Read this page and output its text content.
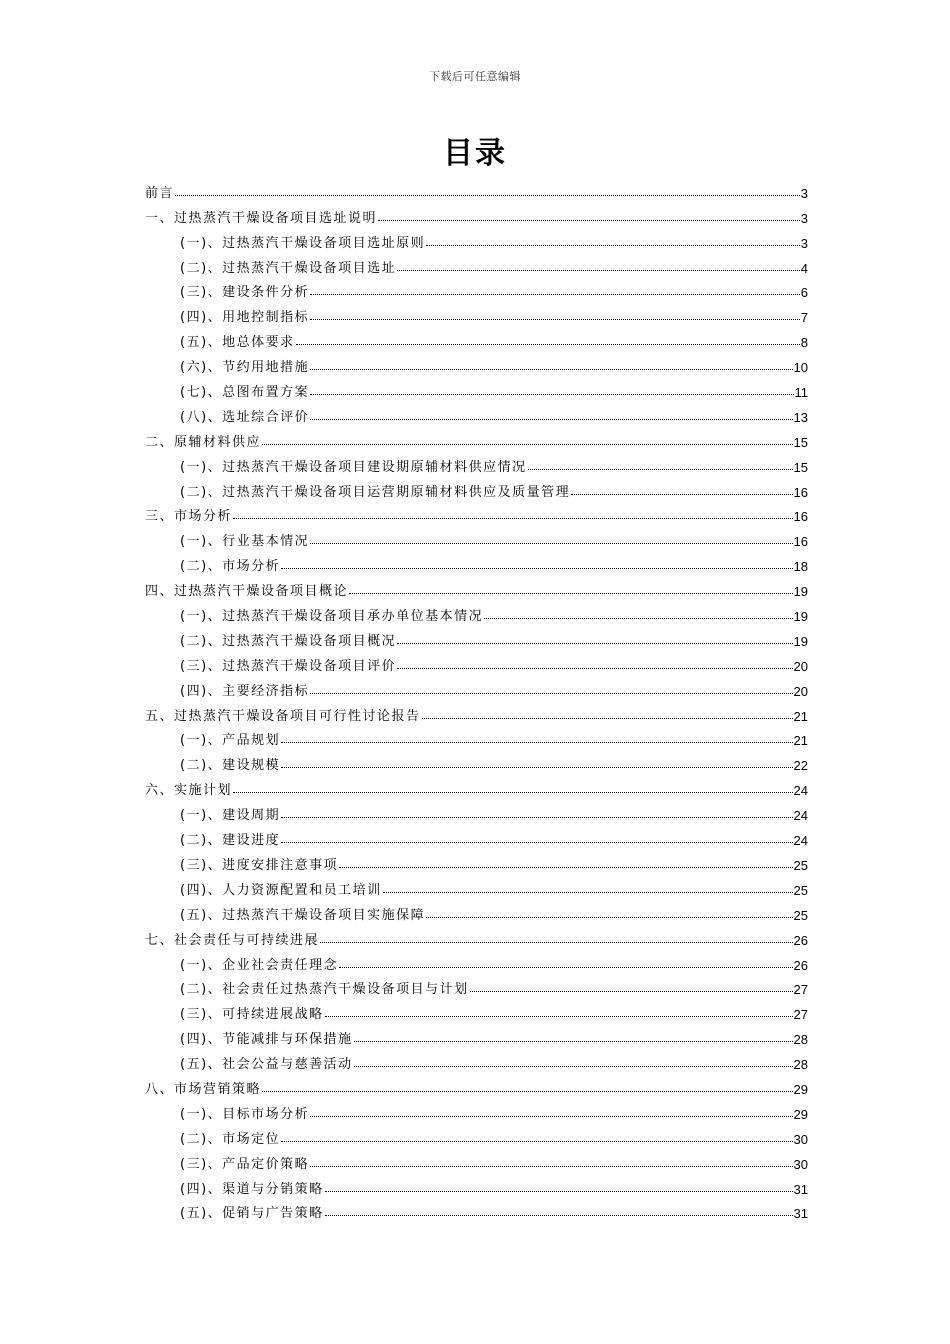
下载后可任意编辑
目录
前言	3
一、过热蒸汽干燥设备项目选址说明	3
(一)、过热蒸汽干燥设备项目选址原则	3
(二)、过热蒸汽干燥设备项目选址	4
(三)、建设条件分析	6
(四)、用地控制指标	7
(五)、地总体要求	8
(六)、节约用地措施	10
(七)、总图布置方案	11
(八)、选址综合评价	13
二、原辅材料供应	15
(一)、过热蒸汽干燥设备项目建设期原辅材料供应情况	15
(二)、过热蒸汽干燥设备项目运营期原辅材料供应及质量管理	16
三、市场分析	16
(一)、行业基本情况	16
(二)、市场分析	18
四、过热蒸汽干燥设备项目概论	19
(一)、过热蒸汽干燥设备项目承办单位基本情况	19
(二)、过热蒸汽干燥设备项目概况	19
(三)、过热蒸汽干燥设备项目评价	20
(四)、主要经济指标	20
五、过热蒸汽干燥设备项目可行性讨论报告	21
(一)、产品规划	21
(二)、建设规模	22
六、实施计划	24
(一)、建设周期	24
(二)、建设进度	24
(三)、进度安排注意事项	25
(四)、人力资源配置和员工培训	25
(五)、过热蒸汽干燥设备项目实施保障	25
七、社会责任与可持续进展	26
(一)、企业社会责任理念	26
(二)、社会责任过热蒸汽干燥设备项目与计划	27
(三)、可持续进展战略	27
(四)、节能减排与环保措施	28
(五)、社会公益与慈善活动	28
八、市场营销策略	29
(一)、目标市场分析	29
(二)、市场定位	30
(三)、产品定价策略	30
(四)、渠道与分销策略	31
(五)、促销与广告策略	31
